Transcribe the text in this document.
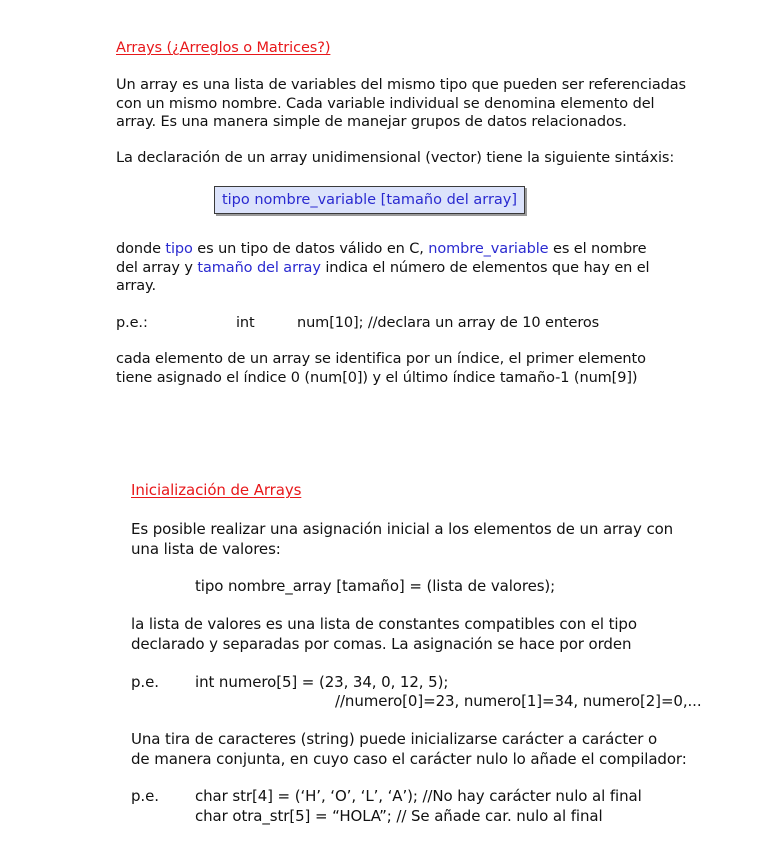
Arrays (¿Arreglos o Matrices?)
Un array es una lista de variables del mismo tipo que pueden ser referenciadas
con un mismo nombre. Cada variable individual se denomina elemento del
array. Es una manera simple de manejar grupos de datos relacionados.
La declaración de un array unidimensional (vector) tiene la siguiente sintáxis:
tipo nombre_variable [tamaño del array]
donde tipo es un tipo de datos válido en C, nombre_variable es el nombre
del array y tamaño del array indica el número de elementos que hay en el
array.
p.e.:	int	num[10]; //declara un array de 10 enteros
cada elemento de un array se identifica por un índice, el primer elemento
tiene asignado el índice 0 (num[0]) y el último índice tamaño-1 (num[9])
Inicialización de Arrays
Es posible realizar una asignación inicial a los elementos de un array con
una lista de valores:
tipo nombre_array [tamaño] = (lista de valores);
la lista de valores es una lista de constantes compatibles con el tipo
declarado y separadas por comas. La asignación se hace por orden
p.e. int numero[5] = (23, 34, 0, 12, 5);
//numero[0]=23, numero[1]=34, numero[2]=0,...
Una tira de caracteres (string) puede inicializarse carácter a carácter o
de manera conjunta, en cuyo caso el carácter nulo lo añade el compilador:
p.e. char str[4] = (‘H’, ‘O’, ‘L’, ‘A’); //No hay carácter nulo al final
char otra_str[5] = “HOLA”; // Se añade car. nulo al final
